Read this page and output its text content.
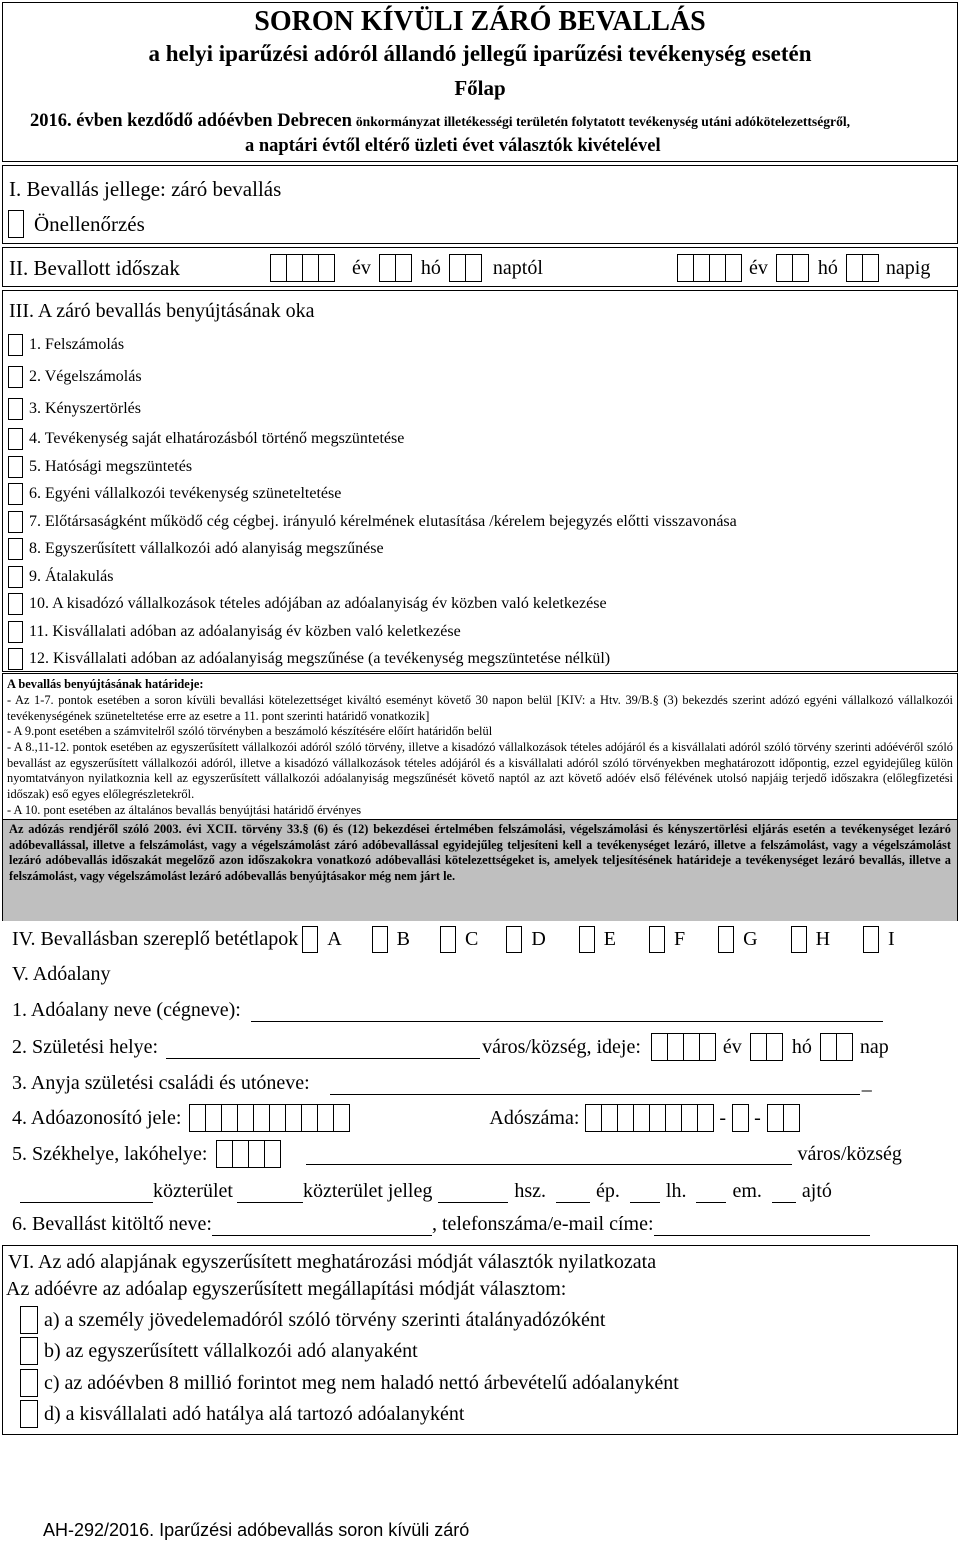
SORON KÍVÜLI ZÁRÓ BEVALLÁS
a helyi iparűzési adóról állandó jellegű iparűzési tevékenység esetén
Főlap
2016. évben kezdődő adóévben Debrecen önkormányzat illetékességi területén folytatott tevékenység utáni adókötelezettségről,
a naptári évtől eltérő üzleti évet választók kivételével
I. Bevallás jellege: záró bevallás
Önellenőrzés
II. Bevallott időszak	év	hó	naptól	év	hó napig
III. A záró bevallás benyújtásának oka
1. Felszámolás
2. Végelszámolás
3. Kényszertörlés
4. Tevékenység saját elhatározásból történő megszüntetése
5. Hatósági megszüntetés
6. Egyéni vállalkozói tevékenység szüneteltetése
7. Előtársaságként működő cég cégbej. irányuló kérelmének elutasítása /kérelem bejegyzés előtti visszavonása
8. Egyszerűsített vállalkozói adó alanyiság megszűnése
9. Átalakulás
10. A kisadózó vállalkozások tételes adójában az adóalanyiság év közben való keletkezése
11. Kisvállalati adóban az adóalanyiság év közben való keletkezése
12. Kisvállalati adóban az adóalanyiság megszűnése (a tevékenység megszüntetése nélkül)
A bevallás benyújtásának határideje:
- Az 1-7. pontok esetében a soron kívüli bevallási kötelezettséget kiváltó eseményt követő 30 napon belül [KIV: a Htv. 39/B.§ (3) bekezdés szerint adózó egyéni vállalkozó vállalkozói tevékenységének szüneteltetése erre az esetre a 11. pont szerinti határidő vonatkozik]
- A 9.pont esetében a számvitelről szóló törvényben a beszámoló készítésére előírt határidőn belül
- A 8.,11-12. pontok esetében az egyszerűsített vállalkozói adóról szóló törvény, illetve a kisadózó vállalkozások tételes adójáról és a kisvállalati adóról szóló törvény szerinti adóévéről szóló bevallást az egyszerűsített vállalkozói adóról, illetve a kisadózó vállalkozások tételes adójáról és a kisvállalati adóról szóló törvényekben meghatározott időpontig, ezzel egyidejűleg külön nyomtatványon nyilatkoznia kell az egyszerűsített vállalkozói adóalanyiság megszűnését követő naptól az azt követő adóév első félévének utolsó napjáig terjedő időszakra (előlegfizetési időszak) eső egyes előlegrészletekről.
- A 10. pont esetében az általános bevallás benyújtási határidő érvényes
Az adózás rendjéről szóló 2003. évi XCII. törvény 33.§ (6) és (12) bekezdései értelmében felszámolási, végelszámolási és kényszertörlési eljárás esetén a tevékenységet lezáró adóbevallással, illetve a felszámolást, vagy a végelszámolást záró adóbevallással egyidejűleg teljesíteni kell a tevékenységet lezáró, illetve a felszámolást, vagy a végelszámolást lezáró adóbevallás időszakát megelőző azon időszakokra vonatkozó adóbevallási kötelezettségeket is, amelyek teljesítésének határideje a tevékenységet lezáró bevallás, illetve a felszámolást, vagy végelszámolást lezáró adóbevallás benyújtásakor még nem járt le.
IV. Bevallásban szereplő betétlapok A	B	C	D	E	F	G	H	I
V. Adóalany
1. Adóalany neve (cégneve):
2. Születési helye:	város/község, ideje:	év	hó nap
3. Anyja születési családi és utóneve:	_
4. Adóazonosító jele:	Adószáma:	- -
5. Székhelye, lakóhelye:	város/község
közterület	közterület jelleg	hsz.	ép. lh. em. ajtó
6. Bevallást kitöltő neve:	, telefonszáma/e-mail címe:
VI. Az adó alapjának egyszerűsített meghatározási módját választók nyilatkozata
Az adóévre az adóalap egyszerűsített megállapítási módját választom:
a) a személy jövedelemadóról szóló törvény szerinti átalányadózóként
b) az egyszerűsített vállalkozói adó alanyaként
c) az adóévben 8 millió forintot meg nem haladó nettó árbevételű adóalanyként
d) a kisvállalati adó hatálya alá tartozó adóalanyként
AH-292/2016. Iparűzési adóbevallás soron kívüli záró
